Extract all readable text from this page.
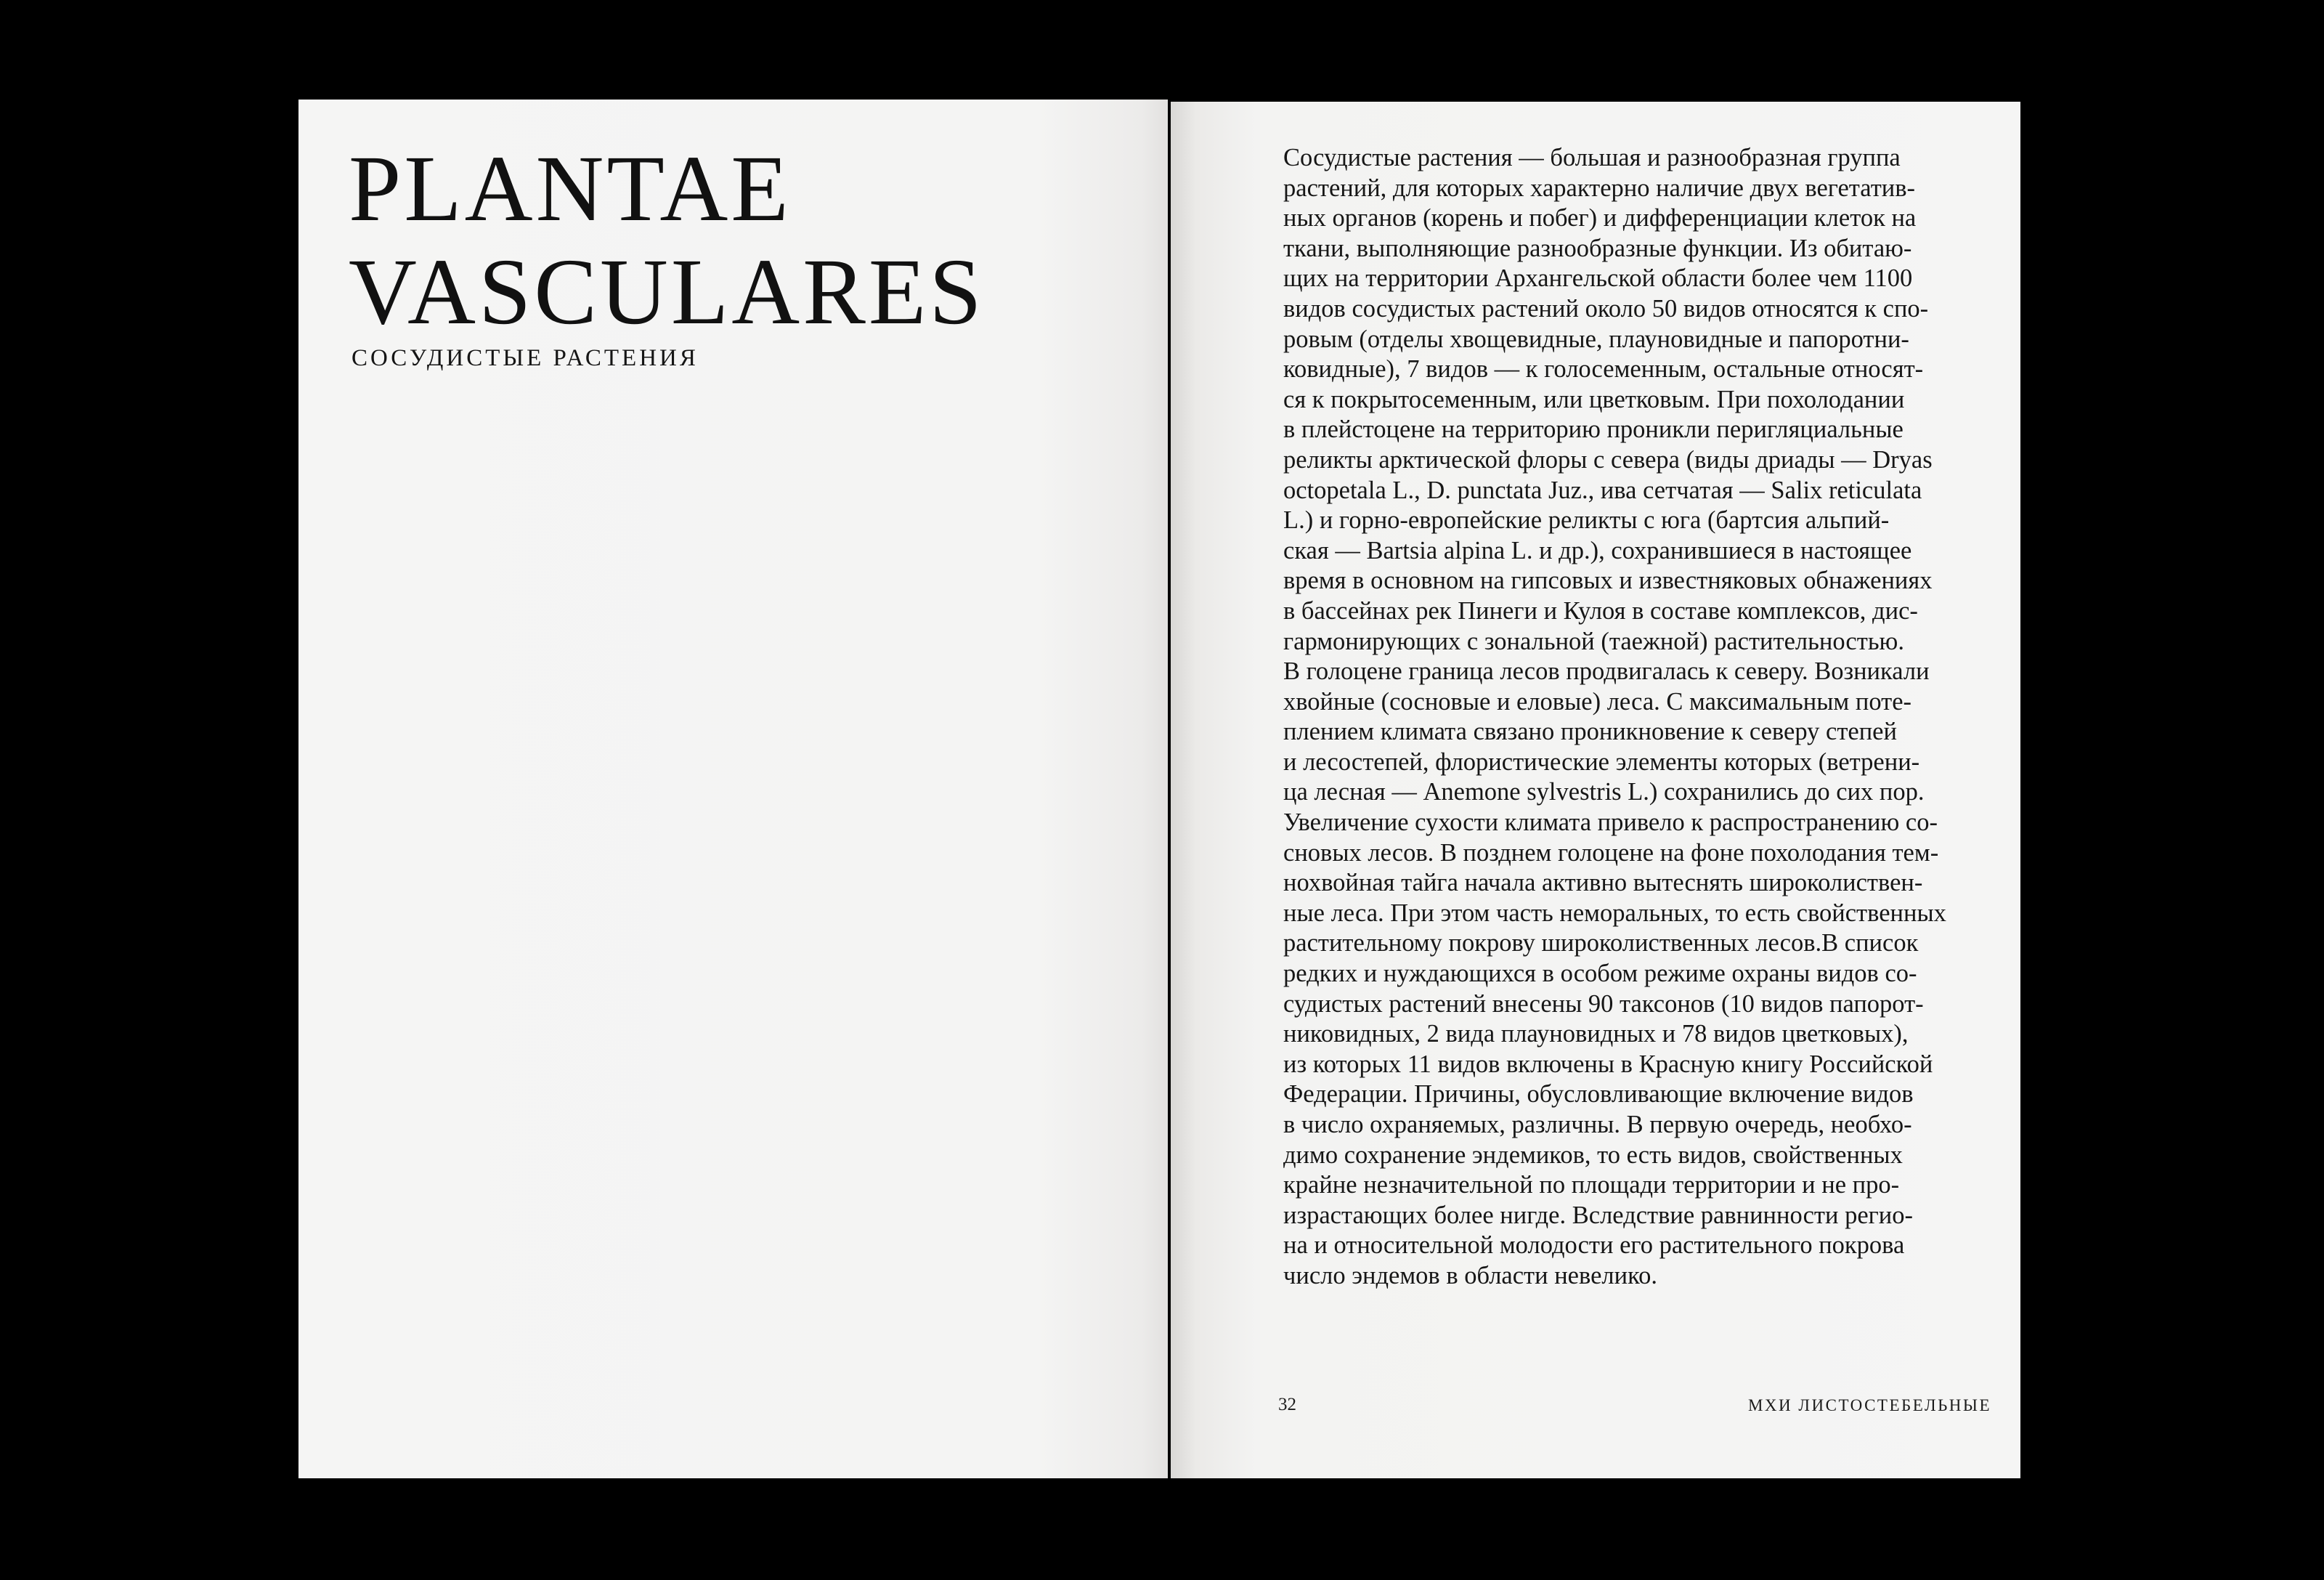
PLANTAE
VASCULARES
СОСУДИСТЫЕ РАСТЕНИЯ

Сосудистые растения — большая и разнообразная группа
растений, для которых характерно наличие двух вегетатив-
ных органов (корень и побег) и дифференциации клеток на
ткани, выполняющие разнообразные функции. Из обитаю-
щих на территории Архангельской области более чем 1100
видов сосудистых растений около 50 видов относятся к спо-
ровым (отделы хвощевидные, плауновидные и папоротни-
ковидные), 7 видов — к голосеменным, остальные относят-
ся к покрытосеменным, или цветковым. При похолодании
в плейстоцене на территорию проникли перигляциальные
реликты арктической флоры с севера (виды дриады — Dryas
octopetala L., D. punctata Juz., ива сетчатая — Salix reticulata
L.) и горно-европейские реликты с юга (бартсия альпий-
ская — Bartsia alpina L. и др.), сохранившиеся в настоящее
время в основном на гипсовых и известняковых обнажениях
в бассейнах рек Пинеги и Кулоя в составе комплексов, дис-
гармонирующих с зональной (таежной) растительностью.
В голоцене граница лесов продвигалась к северу. Возникали
хвойные (сосновые и еловые) леса. С максимальным поте-
плением климата связано проникновение к северу степей
и лесостепей, флористические элементы которых (ветрени-
ца лесная — Anemone sylvestris L.) сохранились до сих пор.
Увеличение сухости климата привело к распространению со-
сновых лесов. В позднем голоцене на фоне похолодания тем-
нохвойная тайга начала активно вытеснять широколиствен-
ные леса. При этом часть неморальных, то есть свойственных
растительному покрову широколиственных лесов.В список
редких и нуждающихся в особом режиме охраны видов со-
судистых растений внесены 90 таксонов (10 видов папорот-
никовидных, 2 вида плауновидных и 78 видов цветковых),
из которых 11 видов включены в Красную книгу Российской
Федерации. Причины, обусловливающие включение видов
в число охраняемых, различны. В первую очередь, необхо-
димо сохранение эндемиков, то есть видов, свойственных
крайне незначительной по площади территории и не про-
израстающих более нигде. Вследствие равнинности регио-
на и относительной молодости его растительного покрова
число эндемов в области невелико.

32	МХИ ЛИСТОСТЕБЕЛЬНЫЕ
